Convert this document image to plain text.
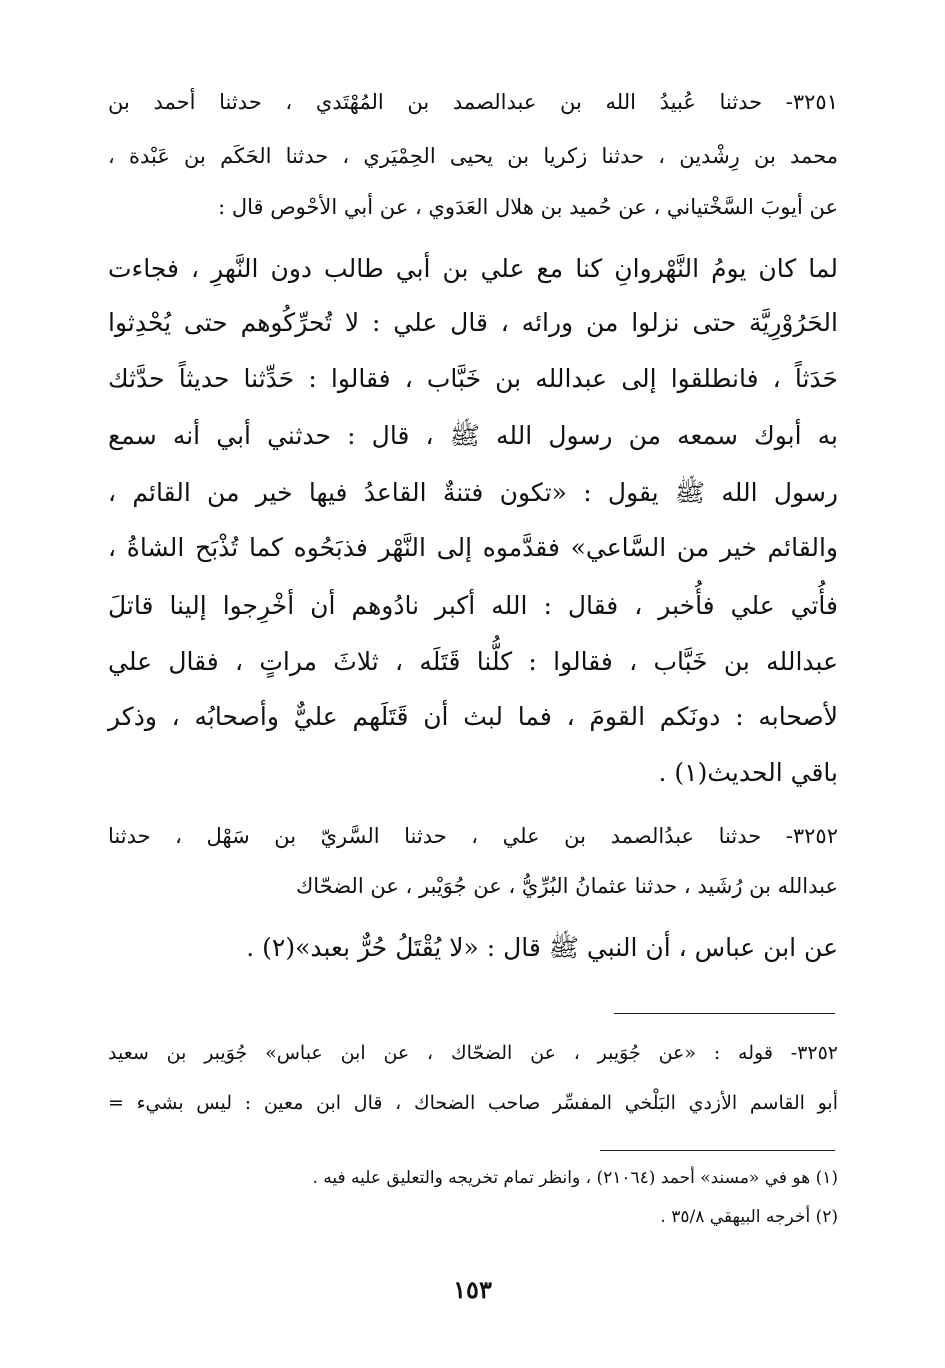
٣٢٥١- حدثنا عُبيدُ الله بن عبدالصمد بن المُهْتَدي ، حدثنا أحمد بن
محمد بن رِشْدين ، حدثنا زكريا بن يحيى الحِمْيَري ، حدثنا الحَكَم بن عَبْدة ،
عن أيوبَ السَّخْتياني ، عن حُميد بن هلال العَدَوي ، عن أبي الأحْوص قال :
لما كان يومُ النَّهْروانِ كنا مع علي بن أبي طالب دون النَّهرِ ، فجاءت
الحَرُوْرِيَّة حتى نزلوا من ورائه ، قال علي : لا تُحرِّكُوهم حتى يُحْدِثوا
حَدَثاً ، فانطلقوا إلى عبدالله بن خَبَّاب ، فقالوا : حَدِّثنا حديثاً حدَّثك
به أبوك سمعه من رسول الله ﷺ ، قال : حدثني أبي أنه سمع
رسول الله ﷺ يقول : «تكون فتنةٌ القاعدُ فيها خير من القائم ،
والقائم خير من السَّاعي» فقدَّموه إلى النَّهْر فذبَحُوه كما تُذْبَح الشاةُ ،
فأُتي علي فأُخبر ، فقال : الله أكبر نادُوهم أن أخْرِجوا إلينا قاتلَ
عبدالله بن خَبَّاب ، فقالوا : كلُّنا قَتَلَه ، ثلاثَ مراتٍ ، فقال علي
لأصحابه : دونَكم القومَ ، فما لبث أن قَتَلَهم عليٌّ وأصحابُه ، وذكر
باقي الحديث(١) .
٣٢٥٢- حدثنا عبدُالصمد بن علي ، حدثنا السَّريّ بن سَهْل ، حدثنا
عبدالله بن رُشَيد ، حدثنا عثمانُ البُرِّيُّ ، عن جُوَيْبر ، عن الضحّاك
عن ابن عباس ، أن النبي ﷺ قال : «لا يُقْتَلُ حُرٌّ بعبد»(٢) .
٣٢٥٢- قوله : «عن جُوَيبر ، عن الضحّاك ، عن ابن عباس» جُوَيبر بن سعيد
أبو القاسم الأزدي البَلْخي المفسِّر صاحب الضحاك ، قال ابن معين : ليس بشيء =
(١) هو في «مسند» أحمد (٢١٠٦٤) ، وانظر تمام تخريجه والتعليق عليه فيه .
(٢) أخرجه البيهقي ٣٥/٨ .
١٥٣
